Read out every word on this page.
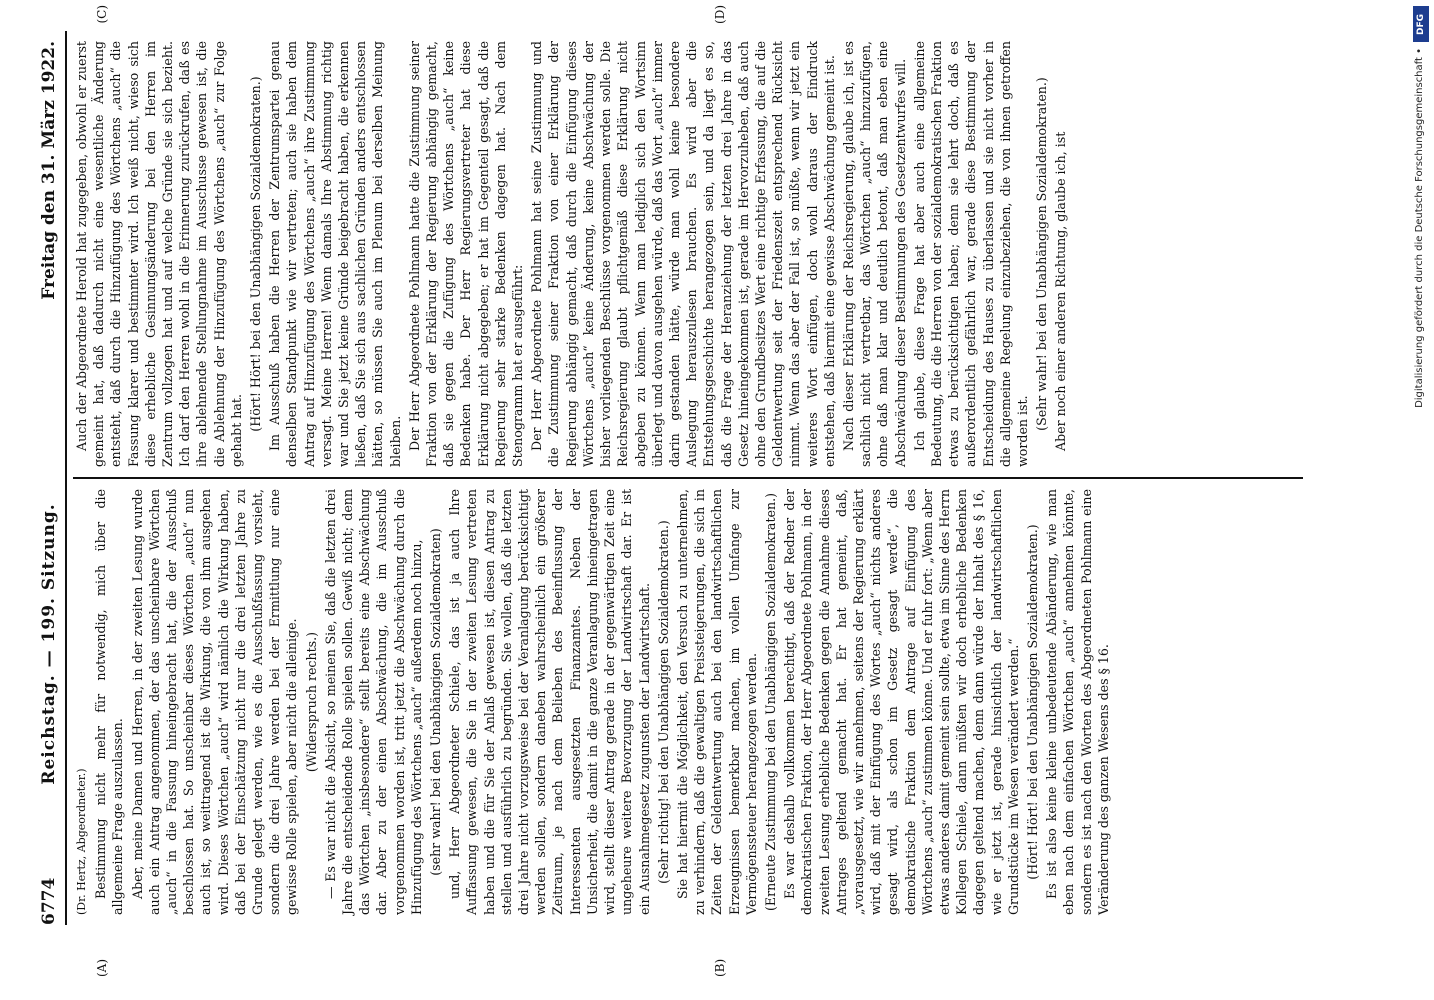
6774
Reichstag. — 199. Sitzung.
Freitag den 31. März 1922.
(A)	(B)

(Dr. Hertz, Abgeordneter.) Bestimmung nicht mehr für notwendig, mich über die allgemeine Frage auszulassen. Aber, meine Damen und Herren, in der zweiten Lesung wurde auch ein Antrag angenommen, der das unscheinbare Wörtchen „auch“ in die Fassung hineingebracht hat, die der Ausschuß beschlossen hat. So unscheinbar dieses Wörtchen „auch“ nun auch ist, so weittragend ist die Wirkung, die von ihm ausgehen wird. Dieses Wörtchen „auch“ wird nämlich die Wirkung haben, daß bei der Einschätzung nicht nur die drei letzten Jahre zu Grunde gelegt werden, wie es die Ausschußfassung vorsieht, sondern die drei Jahre werden bei der Ermittlung nur eine gewisse Rolle spielen, aber nicht die alleinige. (Widerspruch rechts.) — Es war nicht die Absicht, so meinen Sie, daß die letzten drei Jahre die entscheidende Rolle spielen sollen. Gewiß nicht; denn das Wörtchen „insbesondere“ stellt bereits eine Abschwächung dar. Aber zu der einen Abschwächung, die im Ausschuß vorgenommen worden ist, tritt jetzt die Abschwächung durch die Hinzufügung des Wörtchens „auch“ außerdem noch hinzu, (sehr wahr! bei den Unabhängigen Sozialdemokraten) und, Herr Abgeordneter Schiele, das ist ja auch Ihre Auffassung gewesen, die Sie in der zweiten Lesung vertreten haben und die für Sie der Anlaß gewesen ist, diesen Antrag zu stellen und ausführlich zu begründen. Sie wollen, daß die letzten drei Jahre nicht vorzugsweise bei der Veranlagung berücksichtigt werden sollen, sondern daneben wahrscheinlich ein größerer Zeitraum, je nach dem Belieben des Beeinflussung der Interessenten ausgesetzten Finanzamtes. Neben der Unsicherheit, die damit in die ganze Veranlagung hineingetragen wird, stellt dieser Antrag gerade in der gegenwärtigen Zeit eine ungeheure weitere Bevorzugung der Landwirtschaft dar. Er ist ein Ausnahmegesetz zugunsten der Landwirtschaft. (Sehr richtig! bei den Unabhängigen Sozialdemokraten.) Sie hat hiermit die Möglichkeit, den Versuch zu unternehmen, zu verhindern, daß die gewaltigen Preissteigerungen, die sich in Zeiten der Geldentwertung auch bei den landwirtschaftlichen Erzeugnissen bemerkbar machen, im vollen Umfange zur Vermögenssteuer herangezogen werden. (Erneute Zustimmung bei den Unabhängigen Sozialdemokraten.) Es war deshalb vollkommen berechtigt, daß der Redner der demokratischen Fraktion, der Herr Abgeordnete Pohlmann, in der zweiten Lesung erhebliche Bedenken gegen die Annahme dieses Antrages geltend gemacht hat. Er hat gemeint, daß, „vorausgesetzt, wie wir annehmen, seitens der Regierung erklärt wird, daß mit der Einfügung des Wortes „auch“ nichts anderes gesagt wird, als schon im Gesetz gesagt werde“, die demokratische Fraktion dem Antrage auf Einfügung des Wörtchens „auch“ zustimmen könne. Und er fuhr fort: „Wenn aber etwas anderes damit gemeint sein sollte, etwa im Sinne des Herrn Kollegen Schiele, dann müßten wir doch erhebliche Bedenken dagegen geltend machen, denn dann würde der Inhalt des § 16, wie er jetzt ist, gerade hinsichtlich der landwirtschaftlichen Grundstücke im Wesen verändert werden.“ (Hört! Hört! bei den Unabhängigen Sozialdemokraten.) Es ist also keine kleine unbedeutende Abänderung, wie man eben nach dem einfachen Wörtchen „auch“ annehmen könnte, sondern es ist nach den Worten des Abgeordneten Pohlmann eine Veränderung des ganzen Wesens des § 16.

Auch der Abgeordnete Herold hat zugegeben, obwohl er zuerst gemeint hat, daß dadurch nicht eine wesentliche Änderung entsteht, daß durch die Hinzufügung des Wörtchens „auch“ die Fassung klarer und bestimmter wird. Ich weiß nicht, wieso sich diese erhebliche Gesinnungsänderung bei den Herren im Zentrum vollzogen hat und auf welche Gründe sie sich bezieht. Ich darf den Herren wohl in die Erinnerung zurückrufen, daß es ihre ablehnende Stellungnahme im Ausschusse gewesen ist, die die Ablehnung der Hinzufügung des Wörtchens „auch“ zur Folge gehabt hat. (Hört! Hört! bei den Unabhängigen Sozialdemokraten.) Im Ausschuß haben die Herren der Zentrumspartei genau denselben Standpunkt wie wir vertreten; auch sie haben dem Antrag auf Hinzufügung des Wörtchens „auch“ ihre Zustimmung versagt. Meine Herren! Wenn damals Ihre Abstimmung richtig war und Sie jetzt keine Gründe beigebracht haben, die erkennen ließen, daß Sie sich aus sachlichen Gründen anders entschlossen hätten, so müssen Sie auch im Plenum bei derselben Meinung bleiben. Der Herr Abgeordnete Pohlmann hatte die Zustimmung seiner Fraktion von der Erklärung der Regierung abhängig gemacht, daß sie gegen die Zufügung des Wörtchens „auch“ keine Bedenken habe. Der Herr Regierungsvertreter hat diese Erklärung nicht abgegeben; er hat im Gegenteil gesagt, daß die Regierung sehr starke Bedenken dagegen hat. Nach dem Stenogramm hat er ausgeführt: Der Herr Abgeordnete Pohlmann hat seine Zustimmung und die Zustimmung seiner Fraktion von einer Erklärung der Regierung abhängig gemacht, daß durch die Einfügung dieses Wörtchens „auch“ keine Änderung, keine Abschwächung der bisher vorliegenden Beschlüsse vorgenommen werden solle. Die Reichsregierung glaubt pflichtgemäß diese Erklärung nicht abgeben zu können. Wenn man lediglich sich den Wortsinn überlegt und davon ausgehen würde, daß das Wort „auch“ immer darin gestanden hätte, würde man wohl keine besondere Auslegung herauszulesen brauchen. Es wird aber die Entstehungsgeschichte herangezogen sein, und da liegt es so, daß die Frage der Heranziehung der letzten drei Jahre in das Gesetz hineingekommen ist, gerade im Hervorzuheben, daß auch ohne den Grundbesitzes Wert eine richtige Erfassung, die auf die Geldentwertung seit der Friedenszeit entsprechend Rücksicht nimmt. Wenn das aber der Fall ist, so müßte, wenn wir jetzt ein weiteres Wort einfügen, doch wohl daraus der Eindruck entstehen, daß hiermit eine gewisse Abschwächung gemeint ist. Nach dieser Erklärung der Reichsregierung, glaube ich, ist es sachlich nicht vertretbar, das Wörtchen „auch“ hinzuzufügen, ohne daß man klar und deutlich betont, daß man eben eine Abschwächung dieser Bestimmungen des Gesetzentwurfes will. Ich glaube, diese Frage hat aber auch eine allgemeine Bedeutung, die die Herren von der sozialdemokratischen Fraktion etwas zu berücksichtigen haben; denn sie lehrt doch, daß es außerordentlich gefährlich war, gerade diese Bestimmung der Entscheidung des Hauses zu überlassen und sie nicht vorher in die allgemeine Regelung einzubeziehen, die von ihnen getroffen worden ist.

(Sehr wahr! bei den Unabhängigen Sozialdemokraten.) Aber noch einer anderen Richtung, glaube ich, ist

(C)	(D)	DFG
Digitalisierung gefördert durch die Deutsche Forschungsgemeinschaft •
